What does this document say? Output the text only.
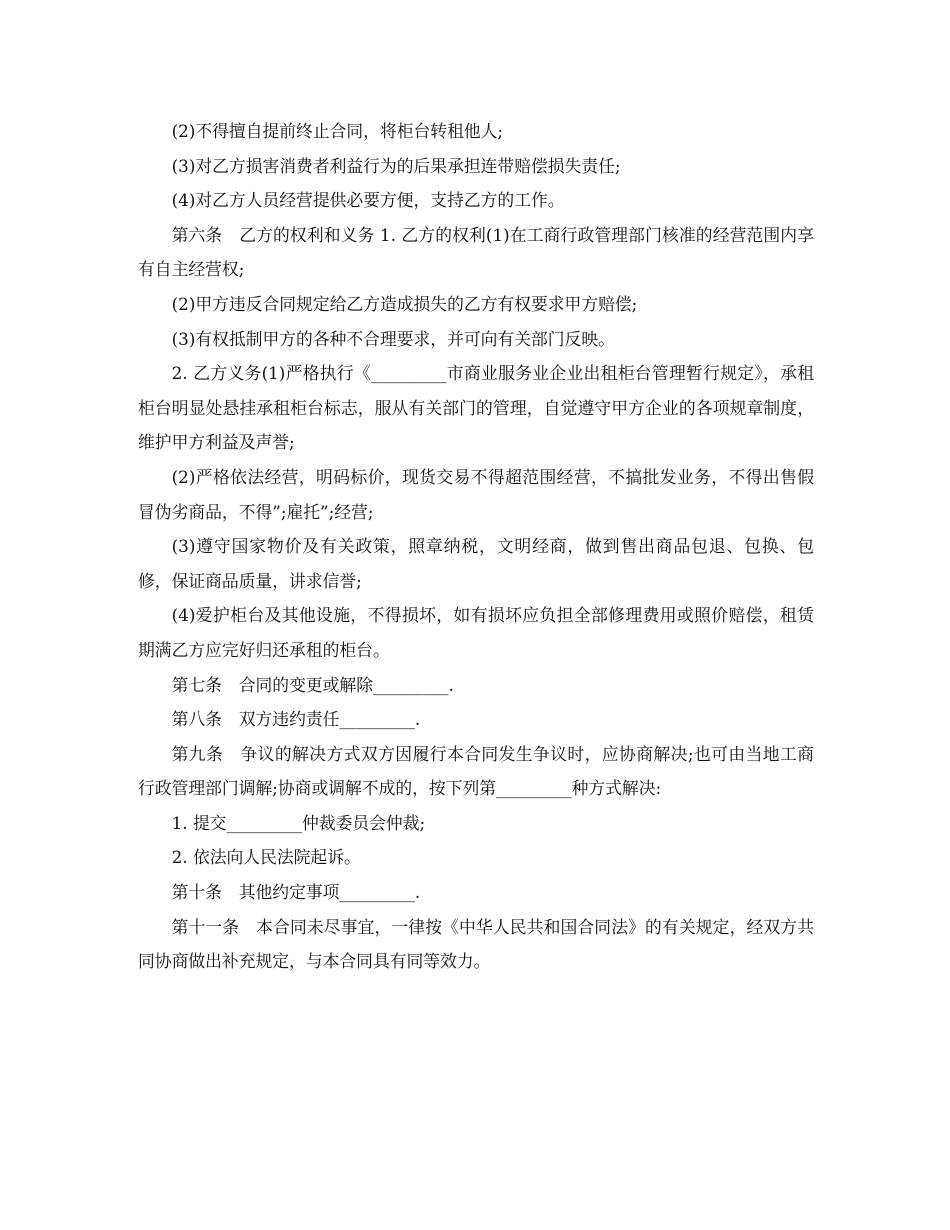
(2)不得擅自提前终止合同，将柜台转租他人;

(3)对乙方损害消费者利益行为的后果承担连带赔偿损失责任;

(4)对乙方人员经营提供必要方便，支持乙方的工作。

第六条　乙方的权利和义务 1. 乙方的权利(1)在工商行政管理部门核准的经营范围内享有自主经营权;

(2)甲方违反合同规定给乙方造成损失的乙方有权要求甲方赔偿;

(3)有权抵制甲方的各种不合理要求，并可向有关部门反映。

2. 乙方义务(1)严格执行《_________市商业服务业企业出租柜台管理暂行规定》，承租柜台明显处悬挂承租柜台标志，服从有关部门的管理，自觉遵守甲方企业的各项规章制度，维护甲方利益及声誉;

(2)严格依法经营，明码标价，现货交易不得超范围经营，不搞批发业务，不得出售假冒伪劣商品，不得”;雇托”;经营;

(3)遵守国家物价及有关政策，照章纳税，文明经商，做到售出商品包退、包换、包修，保证商品质量，讲求信誉;

(4)爱护柜台及其他设施，不得损坏，如有损坏应负担全部修理费用或照价赔偿，租赁期满乙方应完好归还承租的柜台。

第七条　合同的变更或解除_________.

第八条　双方违约责任_________.

第九条　争议的解决方式双方因履行本合同发生争议时，应协商解决;也可由当地工商行政管理部门调解;协商或调解不成的，按下列第_________种方式解决:

1. 提交_________仲裁委员会仲裁;

2. 依法向人民法院起诉。

第十条　其他约定事项_________.

第十一条　本合同未尽事宜，一律按《中华人民共和国合同法》的有关规定，经双方共同协商做出补充规定，与本合同具有同等效力。
